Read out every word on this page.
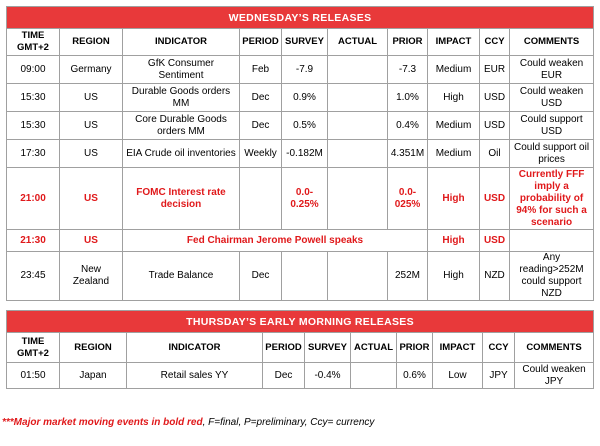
WEDNESDAY’S RELEASES									
TIME GMT+2	REGION	INDICATOR	PERIOD	SURVEY	ACTUAL	PRIOR	IMPACT	CCY	COMMENTS
09:00	Germany	GfK Consumer Sentiment	Feb	-7.9		-7.3	Medium	EUR	Could weaken EUR
15:30	US	Durable Goods orders MM	Dec	0.9%		1.0%	High	USD	Could weaken USD
15:30	US	Core Durable Goods orders MM	Dec	0.5%		0.4%	Medium	USD	Could support USD
17:30	US	EIA Crude oil inventories	Weekly	-0.182M		4.351M	Medium	Oil	Could support oil prices
21:00	US	FOMC Interest rate decision		0.0-0.25%		0.0-025%	High	USD	Currently FFF imply a probability of 94% for such a scenario
21:30	US	Fed Chairman Jerome Powell speaks					High	USD	
23:45	New Zealand	Trade Balance	Dec			252M	High	NZD	Any reading>252M could support NZD
THURSDAY’S EARLY MORNING RELEASES									
TIME GMT+2	REGION	INDICATOR	PERIOD	SURVEY	ACTUAL	PRIOR	IMPACT	CCY	COMMENTS
01:50	Japan	Retail sales YY	Dec	-0.4%		0.6%	Low	JPY	Could weaken JPY
***Major market moving events in bold red, F=final, P=preliminary, Ccy= currency
